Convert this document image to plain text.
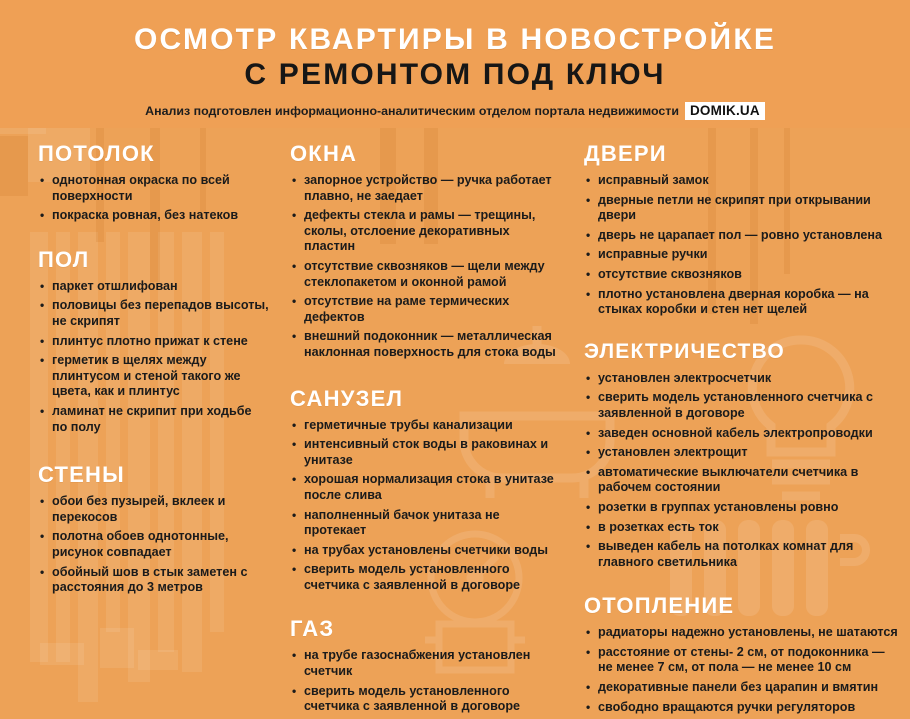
ОСМОТР КВАРТИРЫ В НОВОСТРОЙКЕ
С РЕМОНТОМ ПОД КЛЮЧ
Анализ подготовлен информационно-аналитическим отделом портала недвижимости DOMIK.UA
ПОТОЛОК
• однотонная окраска по всей поверхности
• покраска ровная, без натеков
ПОЛ
• паркет отшлифован
• половицы без перепадов высоты, не скрипят
• плинтус плотно прижат к стене
• герметик в щелях между плинтусом и стеной такого же цвета, как и плинтус
• ламинат не скрипит при ходьбе по полу
СТЕНЫ
• обои без пузырей, вклеек и перекосов
• полотна обоев однотонные, рисунок совпадает
• обойный шов в стык заметен с расстояния до 3 метров
ОКНА
• запорное устройство — ручка работает плавно, не заедает
• дефекты стекла и рамы — трещины, сколы, отслоение декоративных пластин
• отсутствие сквозняков — щели между стеклопакетом и оконной рамой
• отсутствие на раме термических дефектов
• внешний подоконник — металлическая наклонная поверхность для стока воды
САНУЗЕЛ
• герметичные трубы канализации
• интенсивный сток воды в раковинах и унитазе
• хорошая нормализация стока в унитазе после слива
• наполненный бачок унитаза не протекает
• на трубах установлены счетчики воды
• сверить модель установленного счетчика с заявленной в договоре
ГАЗ
• на трубе газоснабжения установлен счетчик
• сверить модель установленного счетчика с заявленной в договоре
ДВЕРИ
• исправный замок
• дверные петли не скрипят при открывании двери
• дверь не царапает пол — ровно установлена
• исправные ручки
• отсутствие сквозняков
• плотно установлена дверная коробка — на стыках коробки и стен нет щелей
ЭЛЕКТРИЧЕСТВО
• установлен электросчетчик
• сверить модель установленного счетчика с заявленной в договоре
• заведен основной кабель электропроводки
• установлен электрощит
• автоматические выключатели счетчика в рабочем состоянии
• розетки в группах установлены ровно
• в розетках есть ток
• выведен кабель на потолках комнат для главного светильника
ОТОПЛЕНИЕ
• радиаторы надежно установлены, не шатаются
• расстояние от стены- 2 см, от подоконника — не менее 7 см, от пола — не менее 10 см
• декоративные панели без царапин и вмятин
• свободно вращаются ручки регуляторов
